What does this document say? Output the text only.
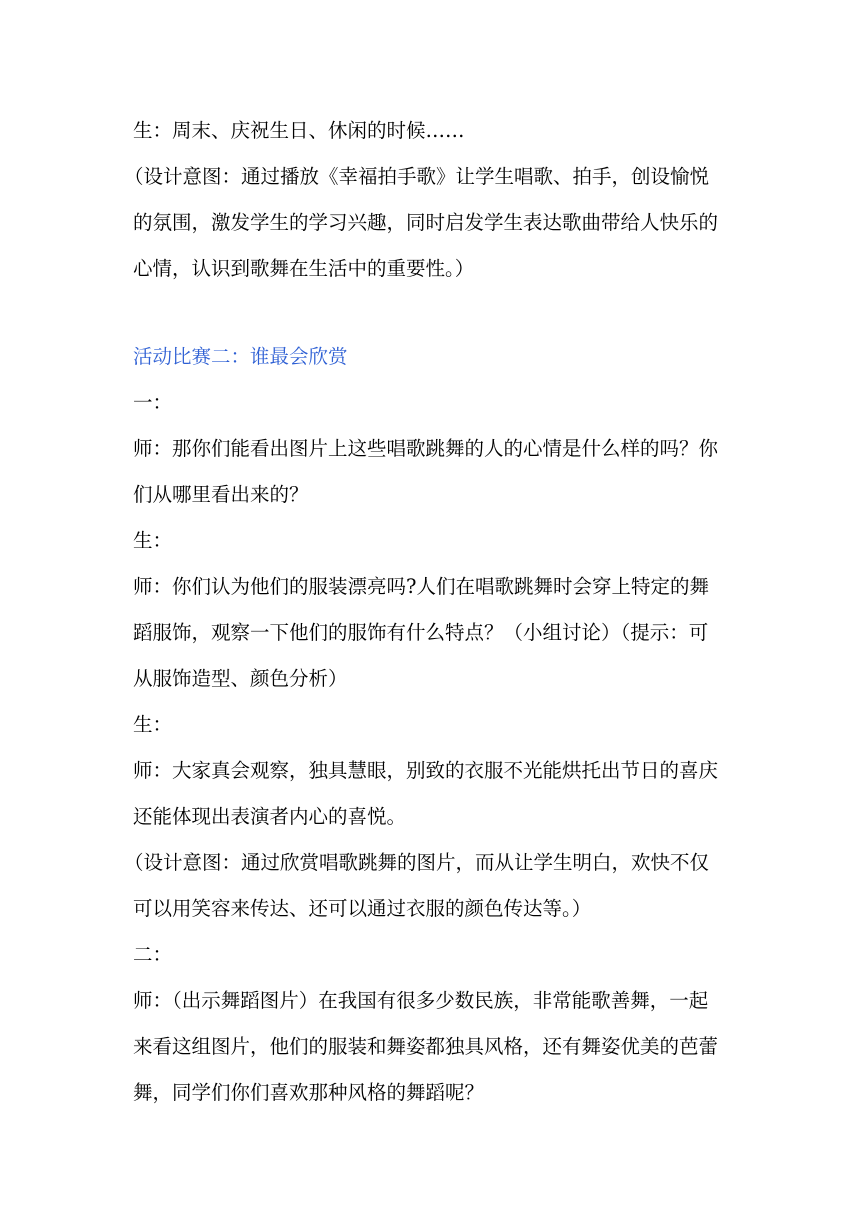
生：周末、庆祝生日、休闲的时候……
（设计意图：通过播放《幸福拍手歌》让学生唱歌、拍手，创设愉悦
的氛围，激发学生的学习兴趣，同时启发学生表达歌曲带给人快乐的
心情，认识到歌舞在生活中的重要性。）
活动比赛二：谁最会欣赏
一：
师：那你们能看出图片上这些唱歌跳舞的人的心情是什么样的吗？你
们从哪里看出来的？
生：
师：你们认为他们的服装漂亮吗?人们在唱歌跳舞时会穿上特定的舞
蹈服饰，观察一下他们的服饰有什么特点？（小组讨论）（提示：可
从服饰造型、颜色分析）
生：
师：大家真会观察，独具慧眼，别致的衣服不光能烘托出节日的喜庆
还能体现出表演者内心的喜悦。
（设计意图：通过欣赏唱歌跳舞的图片，而从让学生明白，欢快不仅
可以用笑容来传达、还可以通过衣服的颜色传达等。）
二：
师：（出示舞蹈图片）在我国有很多少数民族，非常能歌善舞，一起
来看这组图片，他们的服装和舞姿都独具风格，还有舞姿优美的芭蕾
舞，同学们你们喜欢那种风格的舞蹈呢？
